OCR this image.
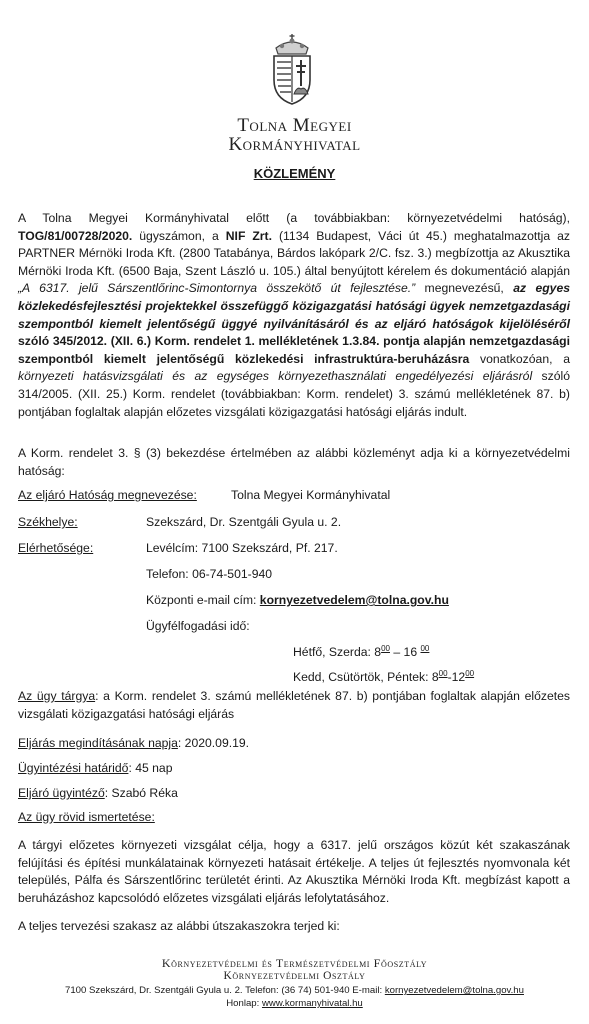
Tolna Megyei
Kormányhivatal
KÖZLEMÉNY
A Tolna Megyei Kormányhivatal előtt (a továbbiakban: környezetvédelmi hatóság), TOG/81/00728/2020. ügyszámon, a NIF Zrt. (1134 Budapest, Váci út 45.) meghatalmazottja az PARTNER Mérnöki Iroda Kft. (2800 Tatabánya, Bárdos lakópark 2/C. fsz. 3.) megbízottja az Akusztika Mérnöki Iroda Kft. (6500 Baja, Szent László u. 105.) által benyújtott kérelem és dokumentáció alapján „A 6317. jelű Sárszentlőrinc-Simontornya összekötő út fejlesztése.” megnevezésű, az egyes közlekedésfejlesztési projektekkel összefüggő közigazgatási hatósági ügyek nemzetgazdasági szempontból kiemelt jelentőségű üggyé nyilvánításáról és az eljáró hatóságok kijelöléséről szóló 345/2012. (XII. 6.) Korm. rendelet 1. mellékletének 1.3.84. pontja alapján nemzetgazdasági szempontból kiemelt jelentőségű közlekedési infrastruktúra-beruházásra vonatkozóan, a környezeti hatásvizsgálati és az egységes környezethasználati engedélyezési eljárásról szóló 314/2005. (XII. 25.) Korm. rendelet (továbbiakban: Korm. rendelet) 3. számú mellékletének 87. b) pontjában foglaltak alapján előzetes vizsgálati közigazgatási hatósági eljárás indult.
A Korm. rendelet 3. § (3) bekezdése értelmében az alábbi közleményt adja ki a környezetvédelmi hatóság:
Az eljáró Hatóság megnevezése:	Tolna Megyei Kormányhivatal
Székhelye:	Szekszárd, Dr. Szentgáli Gyula u. 2.
Elérhetősége:	Levélcím: 7100 Szekszárd, Pf. 217.
Telefon: 06-74-501-940
Központi e-mail cím: kornyezetvedelem@tolna.gov.hu
Ügyfélfogadási idő:
Hétfő, Szerda: $8^{00} - 16$ $^{00}$
Kedd, Csütörtök, Péntek: $8^{00}-12^{00}$
Az ügy tárgya: a Korm. rendelet 3. számú mellékletének 87. b) pontjában foglaltak alapján előzetes vizsgálati közigazgatási hatósági eljárás
Eljárás megindításának napja: 2020.09.19.
Ügyintézési határidő: 45 nap
Eljáró ügyintéző: Szabó Réka
Az ügy rövid ismertetése:
A tárgyi előzetes környezeti vizsgálat célja, hogy a 6317. jelű országos közút két szakaszának felújítási és építési munkálatainak környezeti hatásait értékelje. A teljes út fejlesztés nyomvonala két település, Pálfa és Sárszentlőrinc területét érinti. Az Akusztika Mérnöki Iroda Kft. megbízást kapott a beruházáshoz kapcsolódó előzetes vizsgálati eljárás lefolytatásához.
A teljes tervezési szakasz az alábbi útszakaszokra terjed ki:
Környezetvédelmi és Természetvédelmi Főosztály
Környezetvédelmi Osztály
7100 Szekszárd, Dr. Szentgáli Gyula u. 2. Telefon: (36 74) 501-940 E-mail: kornyezetvedelem@tolna.gov.hu
Honlap: www.kormanyhivatal.hu
